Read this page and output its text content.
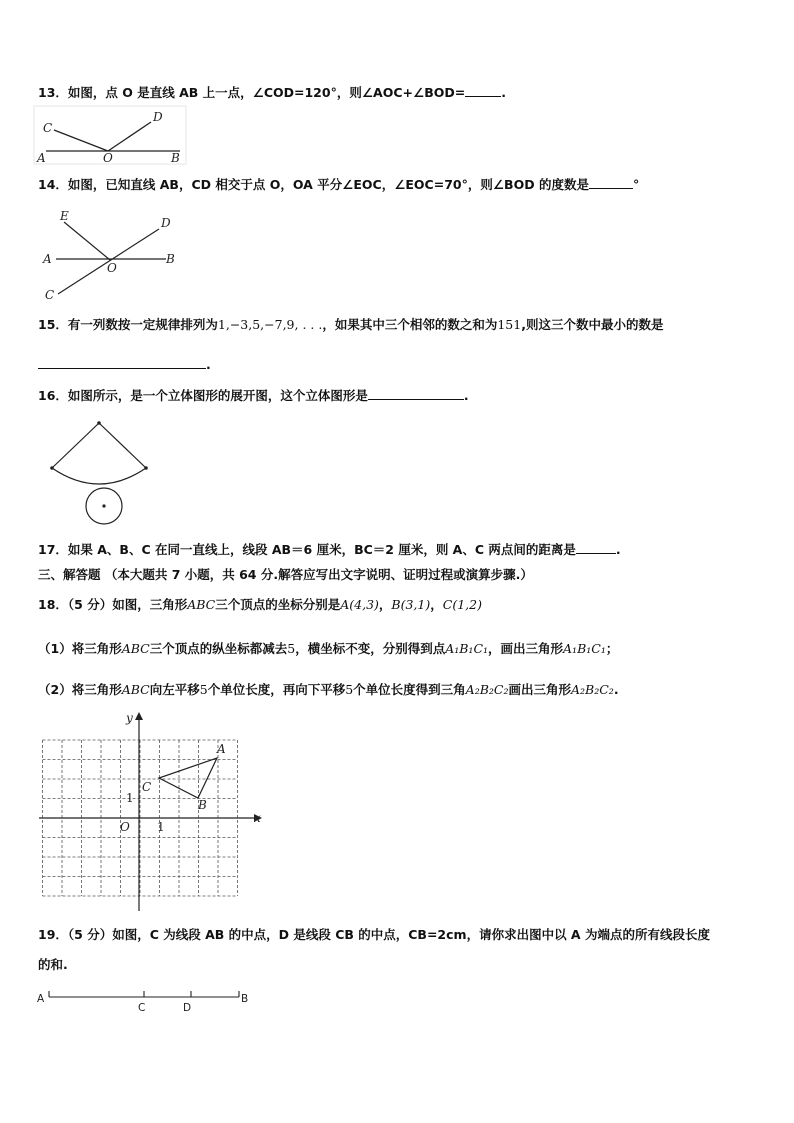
13．如图，点 O 是直线 AB 上一点，∠COD=120°，则∠AOC+∠BOD=	.
C
D
A	O	B
14．如图，已知直线 AB，CD 相交于点 O，OA 平分∠EOC，∠EOC=70°，则∠BOD 的度数是	°
E	D
A
O
B
C
15．有一列数按一定规律排列为1,−3,5,−7,9, . . .，如果其中三个相邻的数之和为151,则这三个数中最小的数是
.
16．如图所示，是一个立体图形的展开图，这个立体图形是	.
17．如果 A、B、C 在同一直线上，线段 AB＝6 厘米，BC＝2 厘米，则 A、C 两点间的距离是	.
三、解答题 （本大题共 7 小题，共 64 分.解答应写出文字说明、证明过程或演算步骤.）
18．（5 分）如图，三角形ABC三个顶点的坐标分别是A(4,3)，B(3,1)，C(1,2)
（1）将三角形ABC三个顶点的纵坐标都减去5，横坐标不变，分别得到点A₁B₁C₁，画出三角形A₁B₁C₁；
（2）将三角形ABC向左平移5个单位长度，再向下平移5个单位长度得到三角A₂B₂C₂画出三角形A₂B₂C₂.
x
y
O 1
1
A
B
C
19．（5 分）如图，C 为线段 AB 的中点，D 是线段 CB 的中点，CB=2cm，请你求出图中以 A 为端点的所有线段长度
的和.
A
C	D
B
